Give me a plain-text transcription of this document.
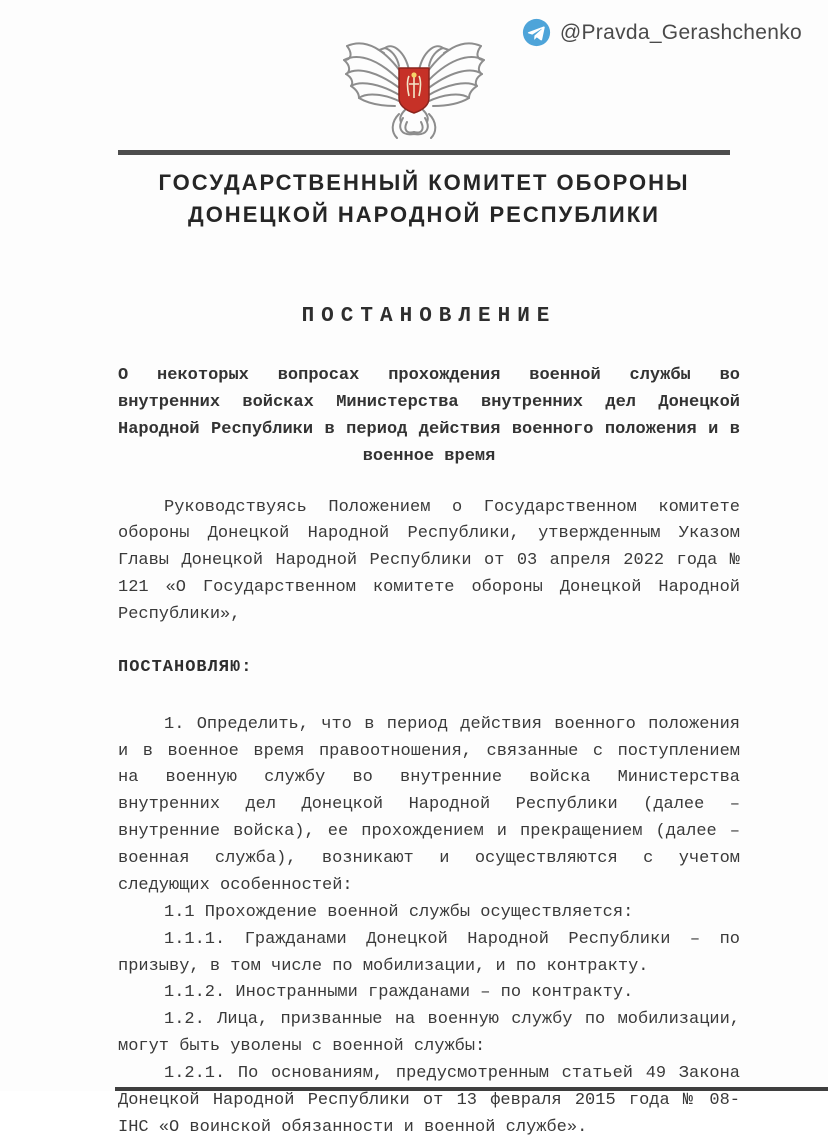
@Pravda_Gerashchenko
ГОСУДАРСТВЕННЫЙ КОМИТЕТ ОБОРОНЫ
ДОНЕЦКОЙ НАРОДНОЙ РЕСПУБЛИКИ
ПОСТАНОВЛЕНИЕ
О некоторых вопросах прохождения военной службы во внутренних войсках Министерства внутренних дел Донецкой Народной Республики в период действия военного положения и в военное время

Руководствуясь Положением о Государственном комитете обороны Донецкой Народной Республики, утвержденным Указом Главы Донецкой Народной Республики от 03 апреля 2022 года № 121 «О Государственном комитете обороны Донецкой Народной Республики»,

ПОСТАНОВЛЯЮ:

1. Определить, что в период действия военного положения и в военное время правоотношения, связанные с поступлением на военную службу во внутренние войска Министерства внутренних дел Донецкой Народной Республики (далее – внутренние войска), ее прохождением и прекращением (далее – военная служба), возникают и осуществляются с учетом следующих особенностей:

1.1 Прохождение военной службы осуществляется:

1.1.1. Гражданами Донецкой Народной Республики – по призыву, в том числе по мобилизации, и по контракту.

1.1.2. Иностранными гражданами – по контракту.

1.2. Лица, призванные на военную службу по мобилизации, могут быть уволены с военной службы:

1.2.1. По основаниям, предусмотренным статьей 49 Закона Донецкой Народной Республики от 13 февраля 2015 года № 08-IHC «О воинской обязанности и военной службе».
